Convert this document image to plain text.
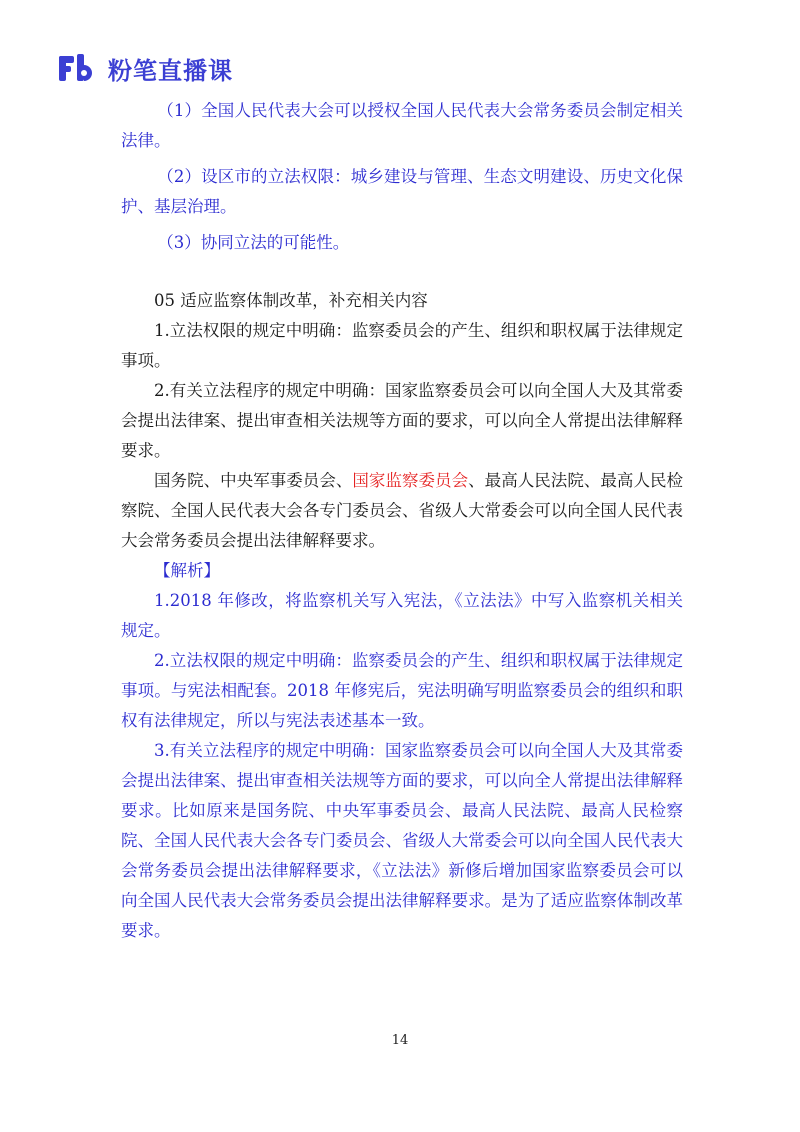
粉笔直播课

（1）全国人民代表大会可以授权全国人民代表大会常务委员会制定相关法律。

（2）设区市的立法权限：城乡建设与管理、生态文明建设、历史文化保护、基层治理。

（3）协同立法的可能性。

05 适应监察体制改革，补充相关内容

1.立法权限的规定中明确：监察委员会的产生、组织和职权属于法律规定事项。

2.有关立法程序的规定中明确：国家监察委员会可以向全国人大及其常委会提出法律案、提出审查相关法规等方面的要求，可以向全人常提出法律解释要求。

国务院、中央军事委员会、国家监察委员会、最高人民法院、最高人民检察院、全国人民代表大会各专门委员会、省级人大常委会可以向全国人民代表大会常务委员会提出法律解释要求。

【解析】

1.2018 年修改，将监察机关写入宪法，《立法法》中写入监察机关相关规定。

2.立法权限的规定中明确：监察委员会的产生、组织和职权属于法律规定事项。与宪法相配套。2018 年修宪后，宪法明确写明监察委员会的组织和职权有法律规定，所以与宪法表述基本一致。

3.有关立法程序的规定中明确：国家监察委员会可以向全国人大及其常委会提出法律案、提出审查相关法规等方面的要求，可以向全人常提出法律解释要求。比如原来是国务院、中央军事委员会、最高人民法院、最高人民检察院、全国人民代表大会各专门委员会、省级人大常委会可以向全国人民代表大会常务委员会提出法律解释要求，《立法法》新修后增加国家监察委员会可以向全国人民代表大会常务委员会提出法律解释要求。是为了适应监察体制改革要求。

14
